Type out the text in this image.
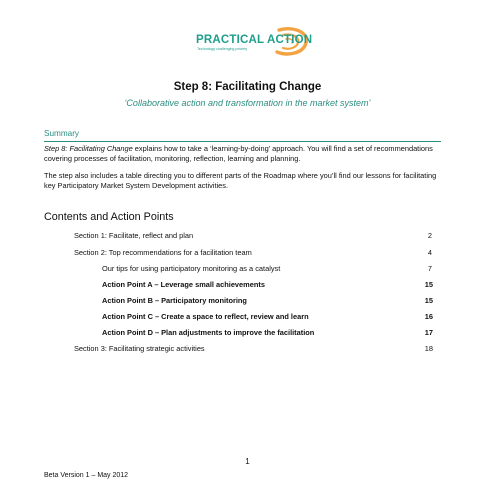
PRACTICAL ACTION
Technology challenging poverty
Step 8: Facilitating Change
‘Collaborative action and transformation in the market system’
Summary

Step 8: Facilitating Change explains how to take a ‘learning-by-doing’ approach. You will find a set of recommendations covering processes of facilitation, monitoring, reflection, learning and planning.

The step also includes a table directing you to different parts of the Roadmap where you’ll find our lessons for facilitating key Participatory Market System Development activities.

Contents and Action Points
Section 1: Facilitate, reflect and plan	2
Section 2: Top recommendations for a facilitation team	4
Our tips for using participatory monitoring as a catalyst	7
Action Point A – Leverage small achievements	15
Action Point B – Participatory monitoring	15
Action Point C – Create a space to reflect, review and learn	16
Action Point D – Plan adjustments to improve the facilitation	17
Section 3: Facilitating strategic activities	18
1
Beta Version 1 – May 2012
